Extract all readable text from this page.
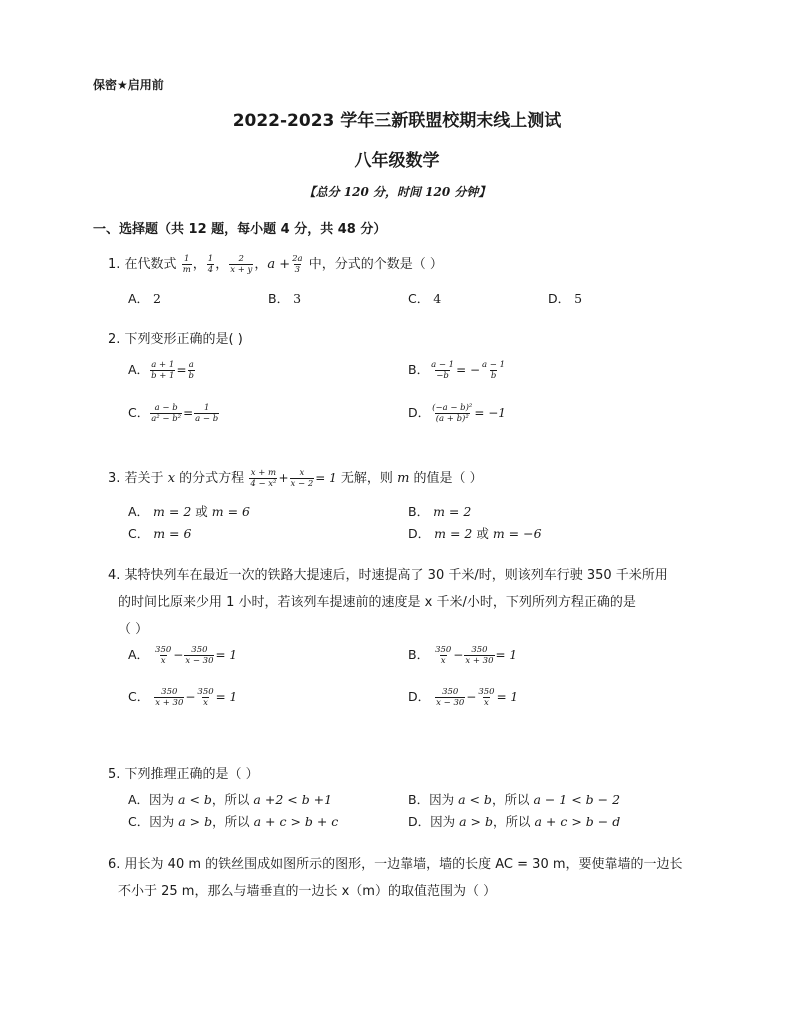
保密★启用前
2022-2023 学年三新联盟校期末线上测试
八年级数学
【总分 120 分，时间 120 分钟】
一、选择题（共 12 题，每小题 4 分，共 48 分）
1. 在代数式 $\frac{1}{m}$ ， $\frac{1}{4}$ ， $\frac{2}{x + y}$ ，$a + \frac{2a}{3}$ 中，分式的个数是（ ）
A． 2	B． 3	C． 4	D． 5
2. 下列变形正确的是( )
A． $\frac{a + 1}{b + 1} = \frac{a}{b}$	B． $\frac{a - 1}{-b}$ = − $\frac{a - 1}{b}$
C． $\frac{a - b}{\text{a² − b²}} = \frac{1}{a - b}$	D． $\frac{\text{(−a − b)²}}{\text{(a + b)²}} = -1$
3. 若关于 x 的分式方程 $\frac{x + m}{\text{4 − x²}} + \frac{x}{x - 2} = 1$ 无解，则 m 的值是（ ）
A． m = 2 或 m = 6	B． m = 2
C． m = 6	D． m = 2 或 m = −6
4. 某特快列车在最近一次的铁路大提速后，时速提高了 30 千米/时，则该列车行驶 350 千米所用
的时间比原来少用 1 小时，若该列车提速前的速度是 x 千米/小时，下列所列方程正确的是
（ ）
A． $\frac{350}{x} - \frac{350}{x - 30} = 1$	B． $\frac{350}{x} - \frac{350}{x + 30} = 1$
C． $\frac{350}{x + 30} - \frac{350}{x} = 1$	D． $\frac{350}{x - 30} - \frac{350}{x} = 1$
5. 下列推理正确的是（ ）
A．因为 a < b，所以 a +2 < b +1	B．因为 a < b，所以 a − 1 < b − 2
C．因为 a > b，所以 a + c > b + c	D．因为 a > b，所以 a + c > b − d
6. 用长为 40 m 的铁丝围成如图所示的图形，一边靠墙，墙的长度 AC = 30 m，要使靠墙的一边长
不小于 25 m，那么与墙垂直的一边长 x（m）的取值范围为（ ）
